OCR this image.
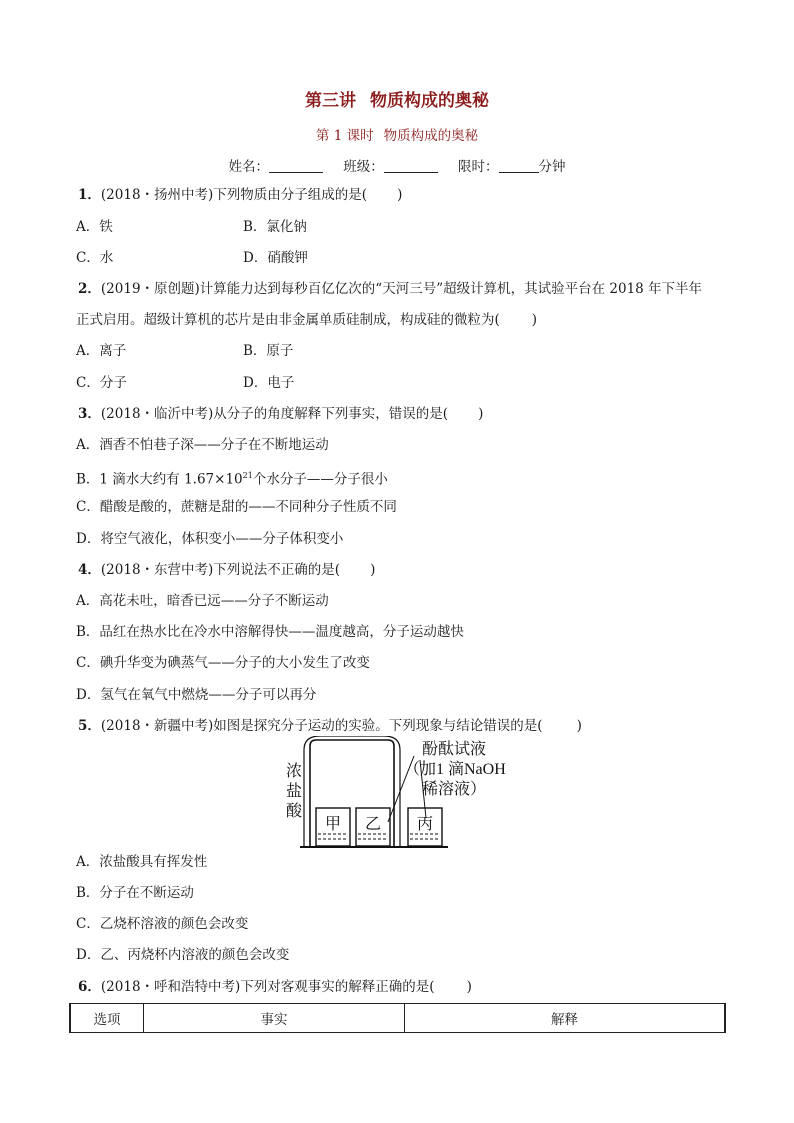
第三讲 物质构成的奥秘
第 1 课时 物质构成的奥秘
姓名：	班级：	限时：	分钟
1．(2018・扬州中考)下列物质由分子组成的是( )
A．铁	B．氯化钠
C．水	D．硝酸钾
2．(2019・原创题)计算能力达到每秒百亿亿次的“天河三号”超级计算机，其试验平台在 2018 年下半年
正式启用。超级计算机的芯片是由非金属单质硅制成，构成硅的微粒为( )
A．离子	B．原子
C．分子	D．电子
3．(2018・临沂中考)从分子的角度解释下列事实，错误的是( )
A．酒香不怕巷子深——分子在不断地运动
B．1 滴水大约有 $1.67\times 10^{21}$个水分子——分子很小
C．醋酸是酸的，蔗糖是甜的——不同种分子性质不同
D．将空气液化，体积变小——分子体积变小
4．(2018・东营中考)下列说法不正确的是( )
A．高花未吐，暗香已远——分子不断运动
B．品红在热水比在冷水中溶解得快——温度越高，分子运动越快
C．碘升华变为碘蒸气——分子的大小发生了改变
D．氢气在氧气中燃烧——分子可以再分
5．(2018・新疆中考)如图是探究分子运动的实验。下列现象与结论错误的是(	)
浓
盐
酸
甲 乙 丙
酚酞试液
（加1 滴NaOH
稀溶液）
A．浓盐酸具有挥发性
B．分子在不断运动
C．乙烧杯溶液的颜色会改变
D．乙、丙烧杯内溶液的颜色会改变
6．(2018・呼和浩特中考)下列对客观事实的解释正确的是( )
选项	事实	解释
